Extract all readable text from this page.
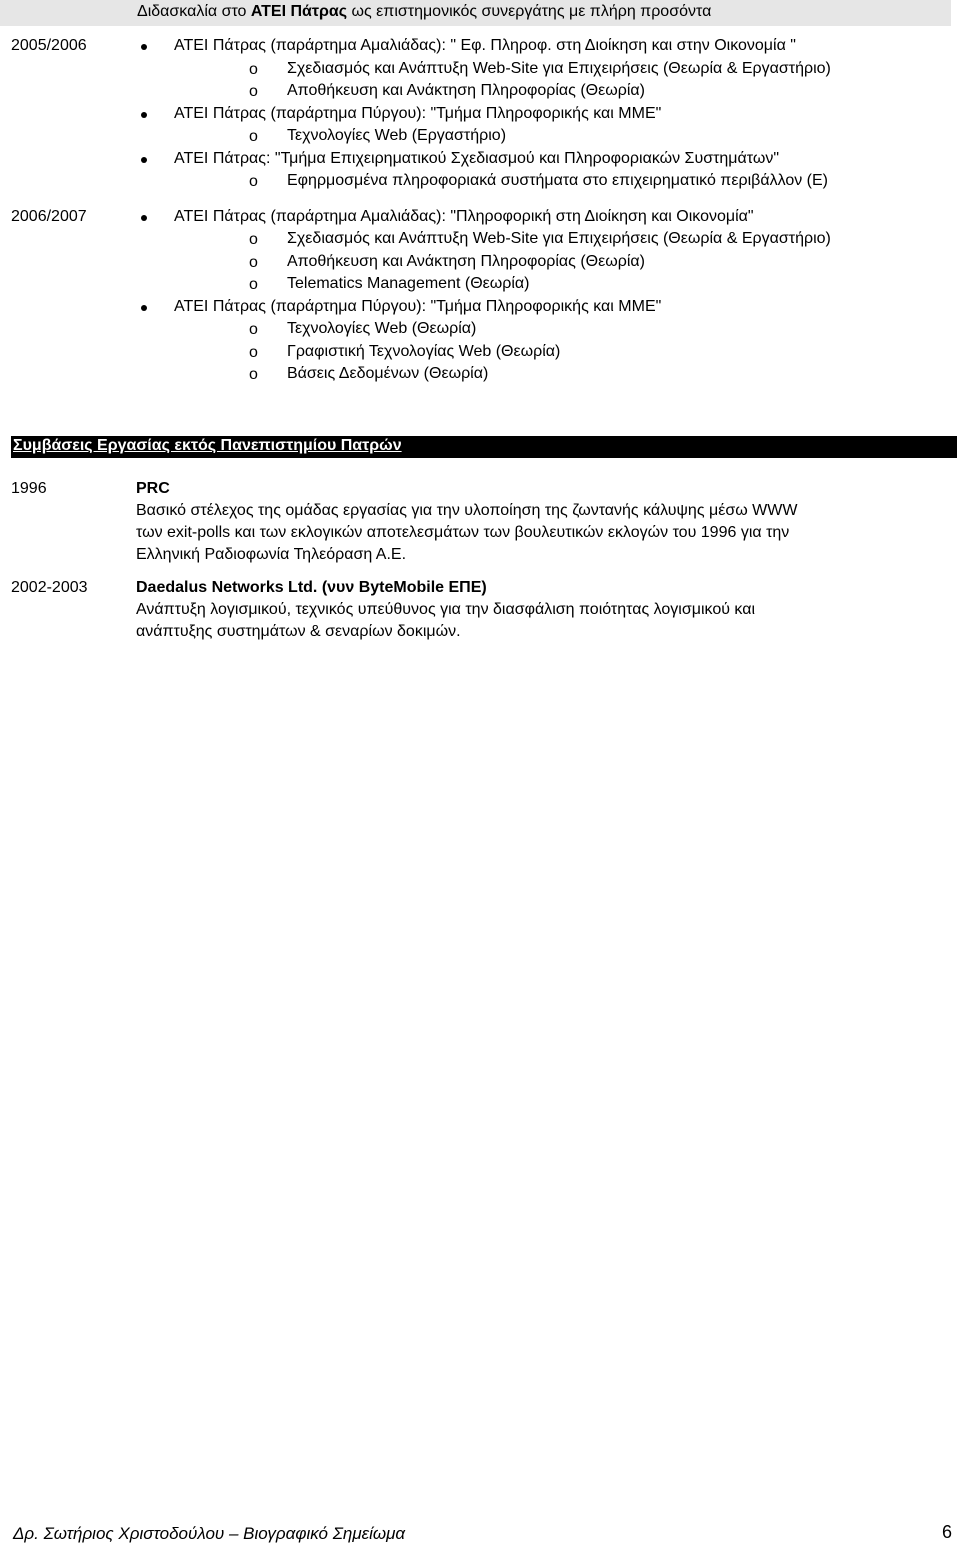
Διδασκαλία στο ΑΤΕΙ Πάτρας ως επιστημονικός συνεργάτης με πλήρη προσόντα
2005/2006	ΑΤΕΙ Πάτρας (παράρτημα Αμαλιάδας): " Εφ. Πληροφ. στη Διοίκηση και στην Οικονομία "
o Σχεδιασμός και Ανάπτυξη Web-Site για Επιχειρήσεις (Θεωρία & Εργαστήριο)
o Αποθήκευση και Ανάκτηση Πληροφορίας (Θεωρία)
ΑΤΕΙ Πάτρας (παράρτημα Πύργου): "Τμήμα Πληροφορικής και ΜΜΕ"
o Τεχνολογίες Web (Εργαστήριο)
ΑΤΕΙ Πάτρας: "Τμήμα Επιχειρηματικού Σχεδιασμού και Πληροφοριακών Συστημάτων"
o Εφηρμοσμένα πληροφοριακά συστήματα στο επιχειρηματικό περιβάλλον (Ε)
2006/2007	ΑΤΕΙ Πάτρας (παράρτημα Αμαλιάδας): "Πληροφορική στη Διοίκηση και Οικονομία"
o Σχεδιασμός και Ανάπτυξη Web-Site για Επιχειρήσεις (Θεωρία & Εργαστήριο)
o Αποθήκευση και Ανάκτηση Πληροφορίας (Θεωρία)
o Telematics Management (Θεωρία)
ΑΤΕΙ Πάτρας (παράρτημα Πύργου): "Τμήμα Πληροφορικής και ΜΜΕ"
o Τεχνολογίες Web (Θεωρία)
o Γραφιστική Τεχνολογίας Web (Θεωρία)
o Βάσεις Δεδομένων (Θεωρία)
Συμβάσεις Εργασίας εκτός Πανεπιστημίου Πατρών
1996	PRC
Βασικό στέλεχος της ομάδας εργασίας για την υλοποίηση της ζωντανής κάλυψης μέσω WWW
των exit-polls και των εκλογικών αποτελεσμάτων των βουλευτικών εκλογών του 1996 για την
Ελληνική Ραδιοφωνία Τηλεόραση Α.Ε.
2002-2003	Daedalus Networks Ltd. (νυν ByteMobile ΕΠΕ)
Ανάπτυξη λογισμικού, τεχνικός υπεύθυνος για την διασφάλιση ποιότητας λογισμικού και
ανάπτυξης συστημάτων & σεναρίων δοκιμών.
Δρ. Σωτήριος Χριστοδούλου – Βιογραφικό Σημείωμα	6
